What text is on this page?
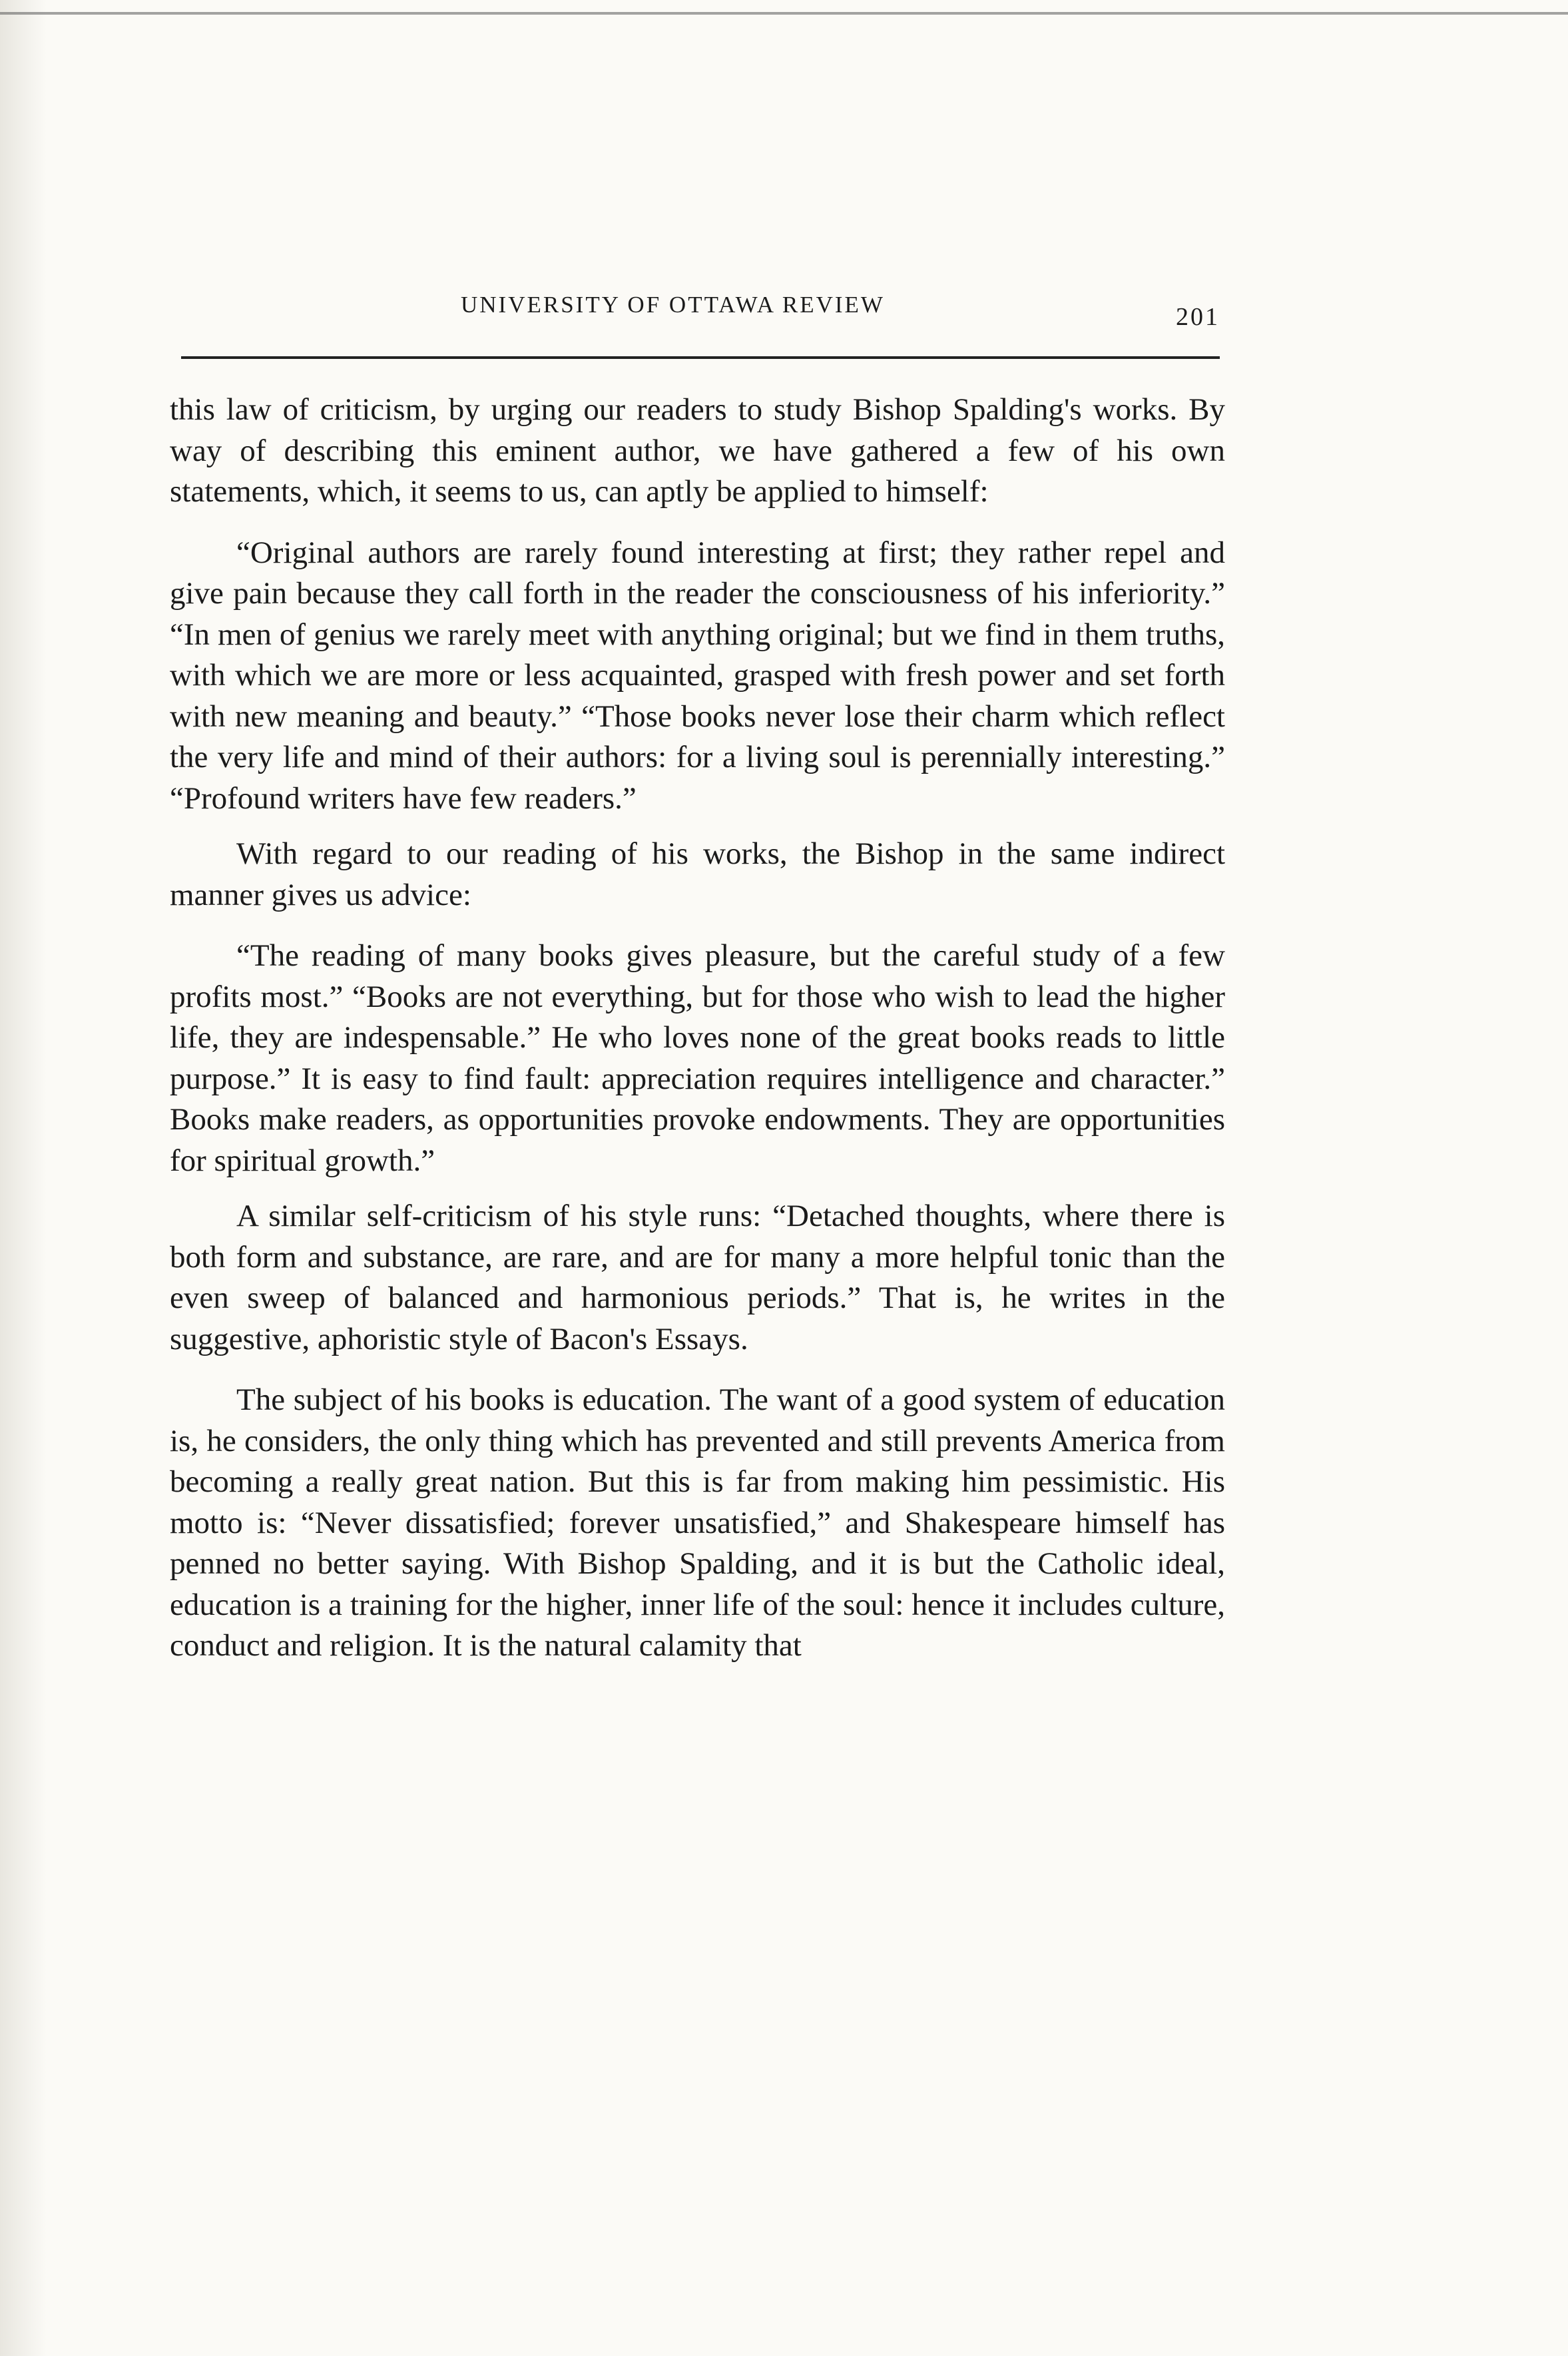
UNIVERSITY OF OTTAWA REVIEW	201

this law of criticism, by urging our readers to study Bishop Spalding's works. By way of describing this eminent author, we have gathered a few of his own statements, which, it seems to us, can aptly be applied to himself:

“Original authors are rarely found interesting at first; they rather repel and give pain because they call forth in the reader the consciousness of his inferiority.” “In men of genius we rarely meet with anything original; but we find in them truths, with which we are more or less acquainted, grasped with fresh power and set forth with new meaning and beauty.” “Those books never lose their charm which reflect the very life and mind of their authors: for a living soul is perennially interesting.” “Profound writers have few readers.”

With regard to our reading of his works, the Bishop in the same indirect manner gives us advice:

“The reading of many books gives pleasure, but the careful study of a few profits most.” “Books are not everything, but for those who wish to lead the higher life, they are indespensable.” He who loves none of the great books reads to little purpose.” It is easy to find fault: appreciation requires intelligence and character.” Books make readers, as opportunities provoke endowments. They are opportunities for spiritual growth.”

A similar self-criticism of his style runs: “Detached thoughts, where there is both form and substance, are rare, and are for many a more helpful tonic than the even sweep of balanced and harmonious periods.” That is, he writes in the suggestive, aphoristic style of Bacon's Essays.

The subject of his books is education. The want of a good system of education is, he considers, the only thing which has prevented and still prevents America from becoming a really great nation. But this is far from making him pessimistic. His motto is: “Never dissatisfied; forever unsatisfied,” and Shakespeare himself has penned no better saying. With Bishop Spalding, and it is but the Catholic ideal, education is a training for the higher, inner life of the soul: hence it includes culture, conduct and religion. It is the natural calamity that
